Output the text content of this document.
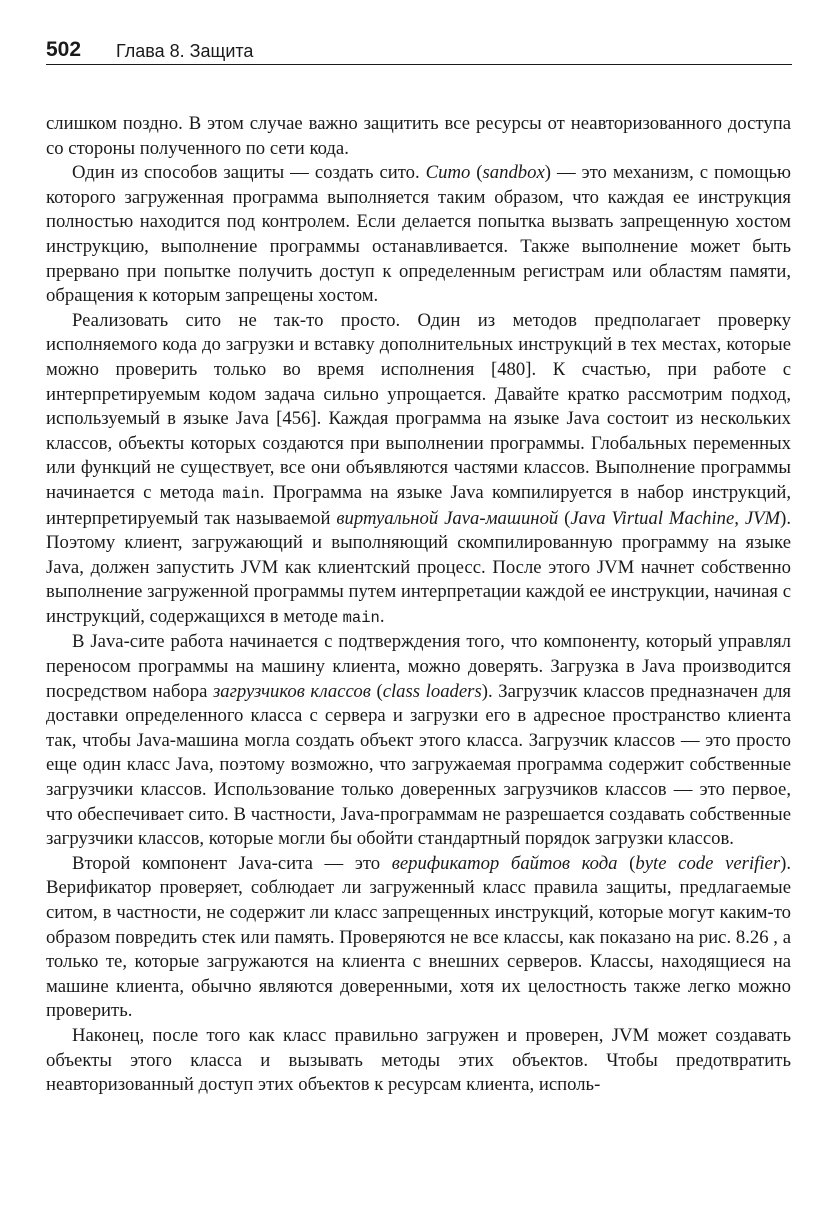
502 Глава 8. Защита

слишком поздно. В этом случае важно защитить все ресурсы от неавторизованного доступа со стороны полученного по сети кода.

Один из способов защиты — создать сито. Сито (sandbox) — это механизм, с помощью которого загруженная программа выполняется таким образом, что каждая ее инструкция полностью находится под контролем. Если делается попытка вызвать запрещенную хостом инструкцию, выполнение программы останавливается. Также выполнение может быть прервано при попытке получить доступ к определенным регистрам или областям памяти, обращения к которым запрещены хостом.

Реализовать сито не так-то просто. Один из методов предполагает проверку исполняемого кода до загрузки и вставку дополнительных инструкций в тех местах, которые можно проверить только во время исполнения [480]. К счастью, при работе с интерпретируемым кодом задача сильно упрощается. Давайте кратко рассмотрим подход, используемый в языке Java [456]. Каждая программа на языке Java состоит из нескольких классов, объекты которых создаются при выполнении программы. Глобальных переменных или функций не существует, все они объявляются частями классов. Выполнение программы начинается с метода main. Программа на языке Java компилируется в набор инструкций, интерпретируемый так называемой виртуальной Java-машиной (Java Virtual Machine, JVM). Поэтому клиент, загружающий и выполняющий скомпилированную программу на языке Java, должен запустить JVM как клиентский процесс. После этого JVM начнет собственно выполнение загруженной программы путем интерпретации каждой ее инструкции, начиная с инструкций, содержащихся в методе main.

В Java-сите работа начинается с подтверждения того, что компоненту, который управлял переносом программы на машину клиента, можно доверять. Загрузка в Java производится посредством набора загрузчиков классов (class loaders). Загрузчик классов предназначен для доставки определенного класса с сервера и загрузки его в адресное пространство клиента так, чтобы Java-машина могла создать объект этого класса. Загрузчик классов — это просто еще один класс Java, поэтому возможно, что загружаемая программа содержит собственные загрузчики классов. Использование только доверенных загрузчиков классов — это первое, что обеспечивает сито. В частности, Java-программам не разрешается создавать собственные загрузчики классов, которые могли бы обойти стандартный порядок загрузки классов.

Второй компонент Java-сита — это верификатор байтов кода (byte code verifier). Верификатор проверяет, соблюдает ли загруженный класс правила защиты, предлагаемые ситом, в частности, не содержит ли класс запрещенных инструкций, которые могут каким-то образом повредить стек или память. Проверяются не все классы, как показано на рис. 8.26 , а только те, которые загружаются на клиента с внешних серверов. Классы, находящиеся на машине клиента, обычно являются доверенными, хотя их целостность также легко можно проверить.

Наконец, после того как класс правильно загружен и проверен, JVM может создавать объекты этого класса и вызывать методы этих объектов. Чтобы предотвратить неавторизованный доступ этих объектов к ресурсам клиента, исполь-
